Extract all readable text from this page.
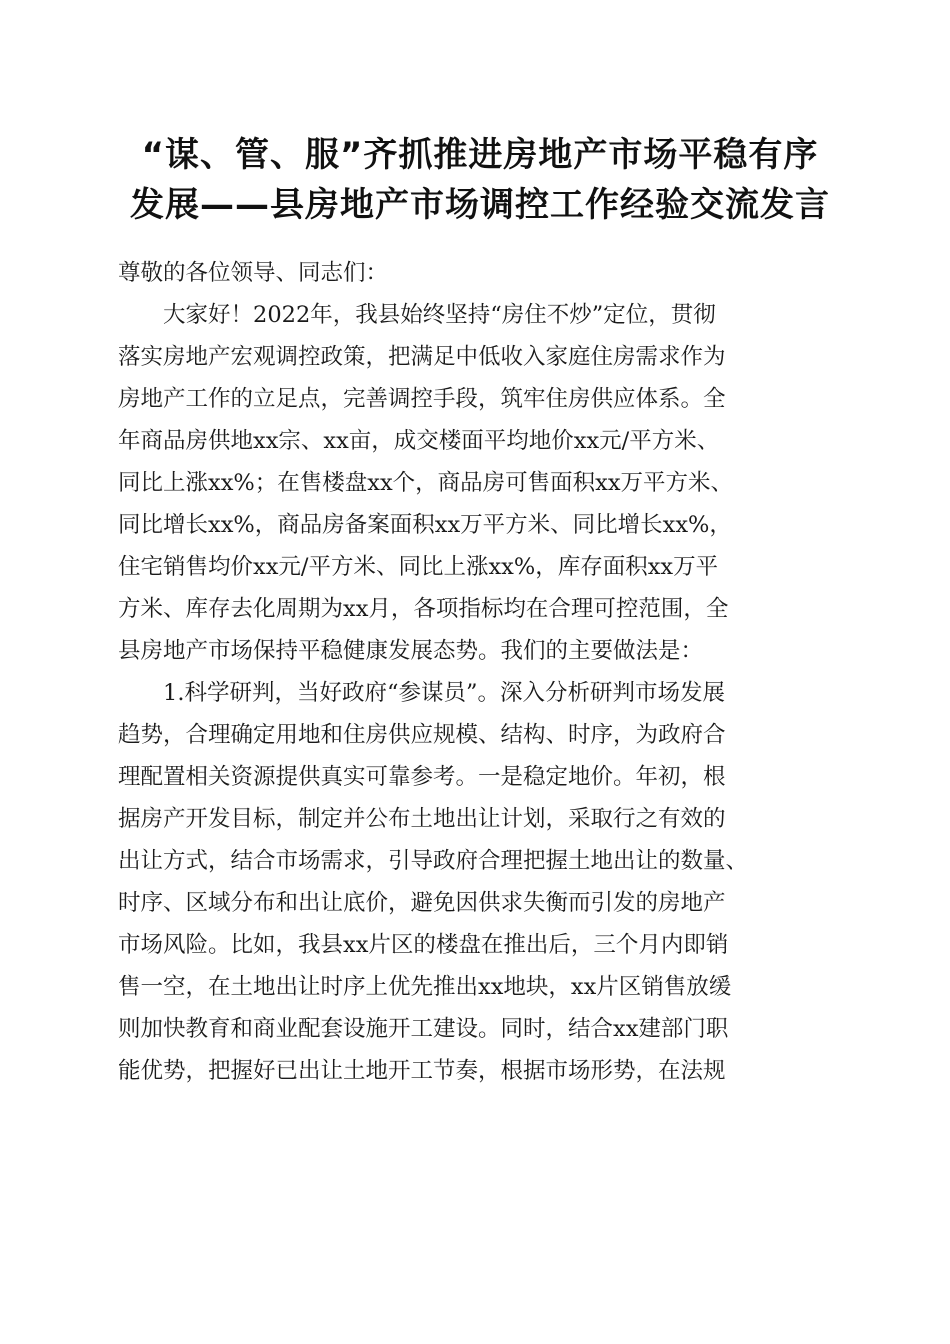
“谋、管、服”齐抓推进房地产市场平稳有序
发展——县房地产市场调控工作经验交流发言
尊敬的各位领导、同志们：
大家好！2022年，我县始终坚持“房住不炒”定位，贯彻
落实房地产宏观调控政策，把满足中低收入家庭住房需求作为
房地产工作的立足点，完善调控手段，筑牢住房供应体系。全
年商品房供地xx宗、xx亩，成交楼面平均地价xx元/平方米、
同比上涨xx%；在售楼盘xx个，商品房可售面积xx万平方米、
同比增长xx%，商品房备案面积xx万平方米、同比增长xx%，
住宅销售均价xx元/平方米、同比上涨xx%，库存面积xx万平
方米、库存去化周期为xx月，各项指标均在合理可控范围，全
县房地产市场保持平稳健康发展态势。我们的主要做法是：
1.科学研判，当好政府“参谋员”。深入分析研判市场发展
趋势，合理确定用地和住房供应规模、结构、时序，为政府合
理配置相关资源提供真实可靠参考。一是稳定地价。年初，根
据房产开发目标，制定并公布土地出让计划，采取行之有效的
出让方式，结合市场需求，引导政府合理把握土地出让的数量、
时序、区域分布和出让底价，避免因供求失衡而引发的房地产
市场风险。比如，我县xx片区的楼盘在推出后，三个月内即销
售一空，在土地出让时序上优先推出xx地块，xx片区销售放缓
则加快教育和商业配套设施开工建设。同时，结合xx建部门职
能优势，把握好已出让土地开工节奏，根据市场形势，在法规
